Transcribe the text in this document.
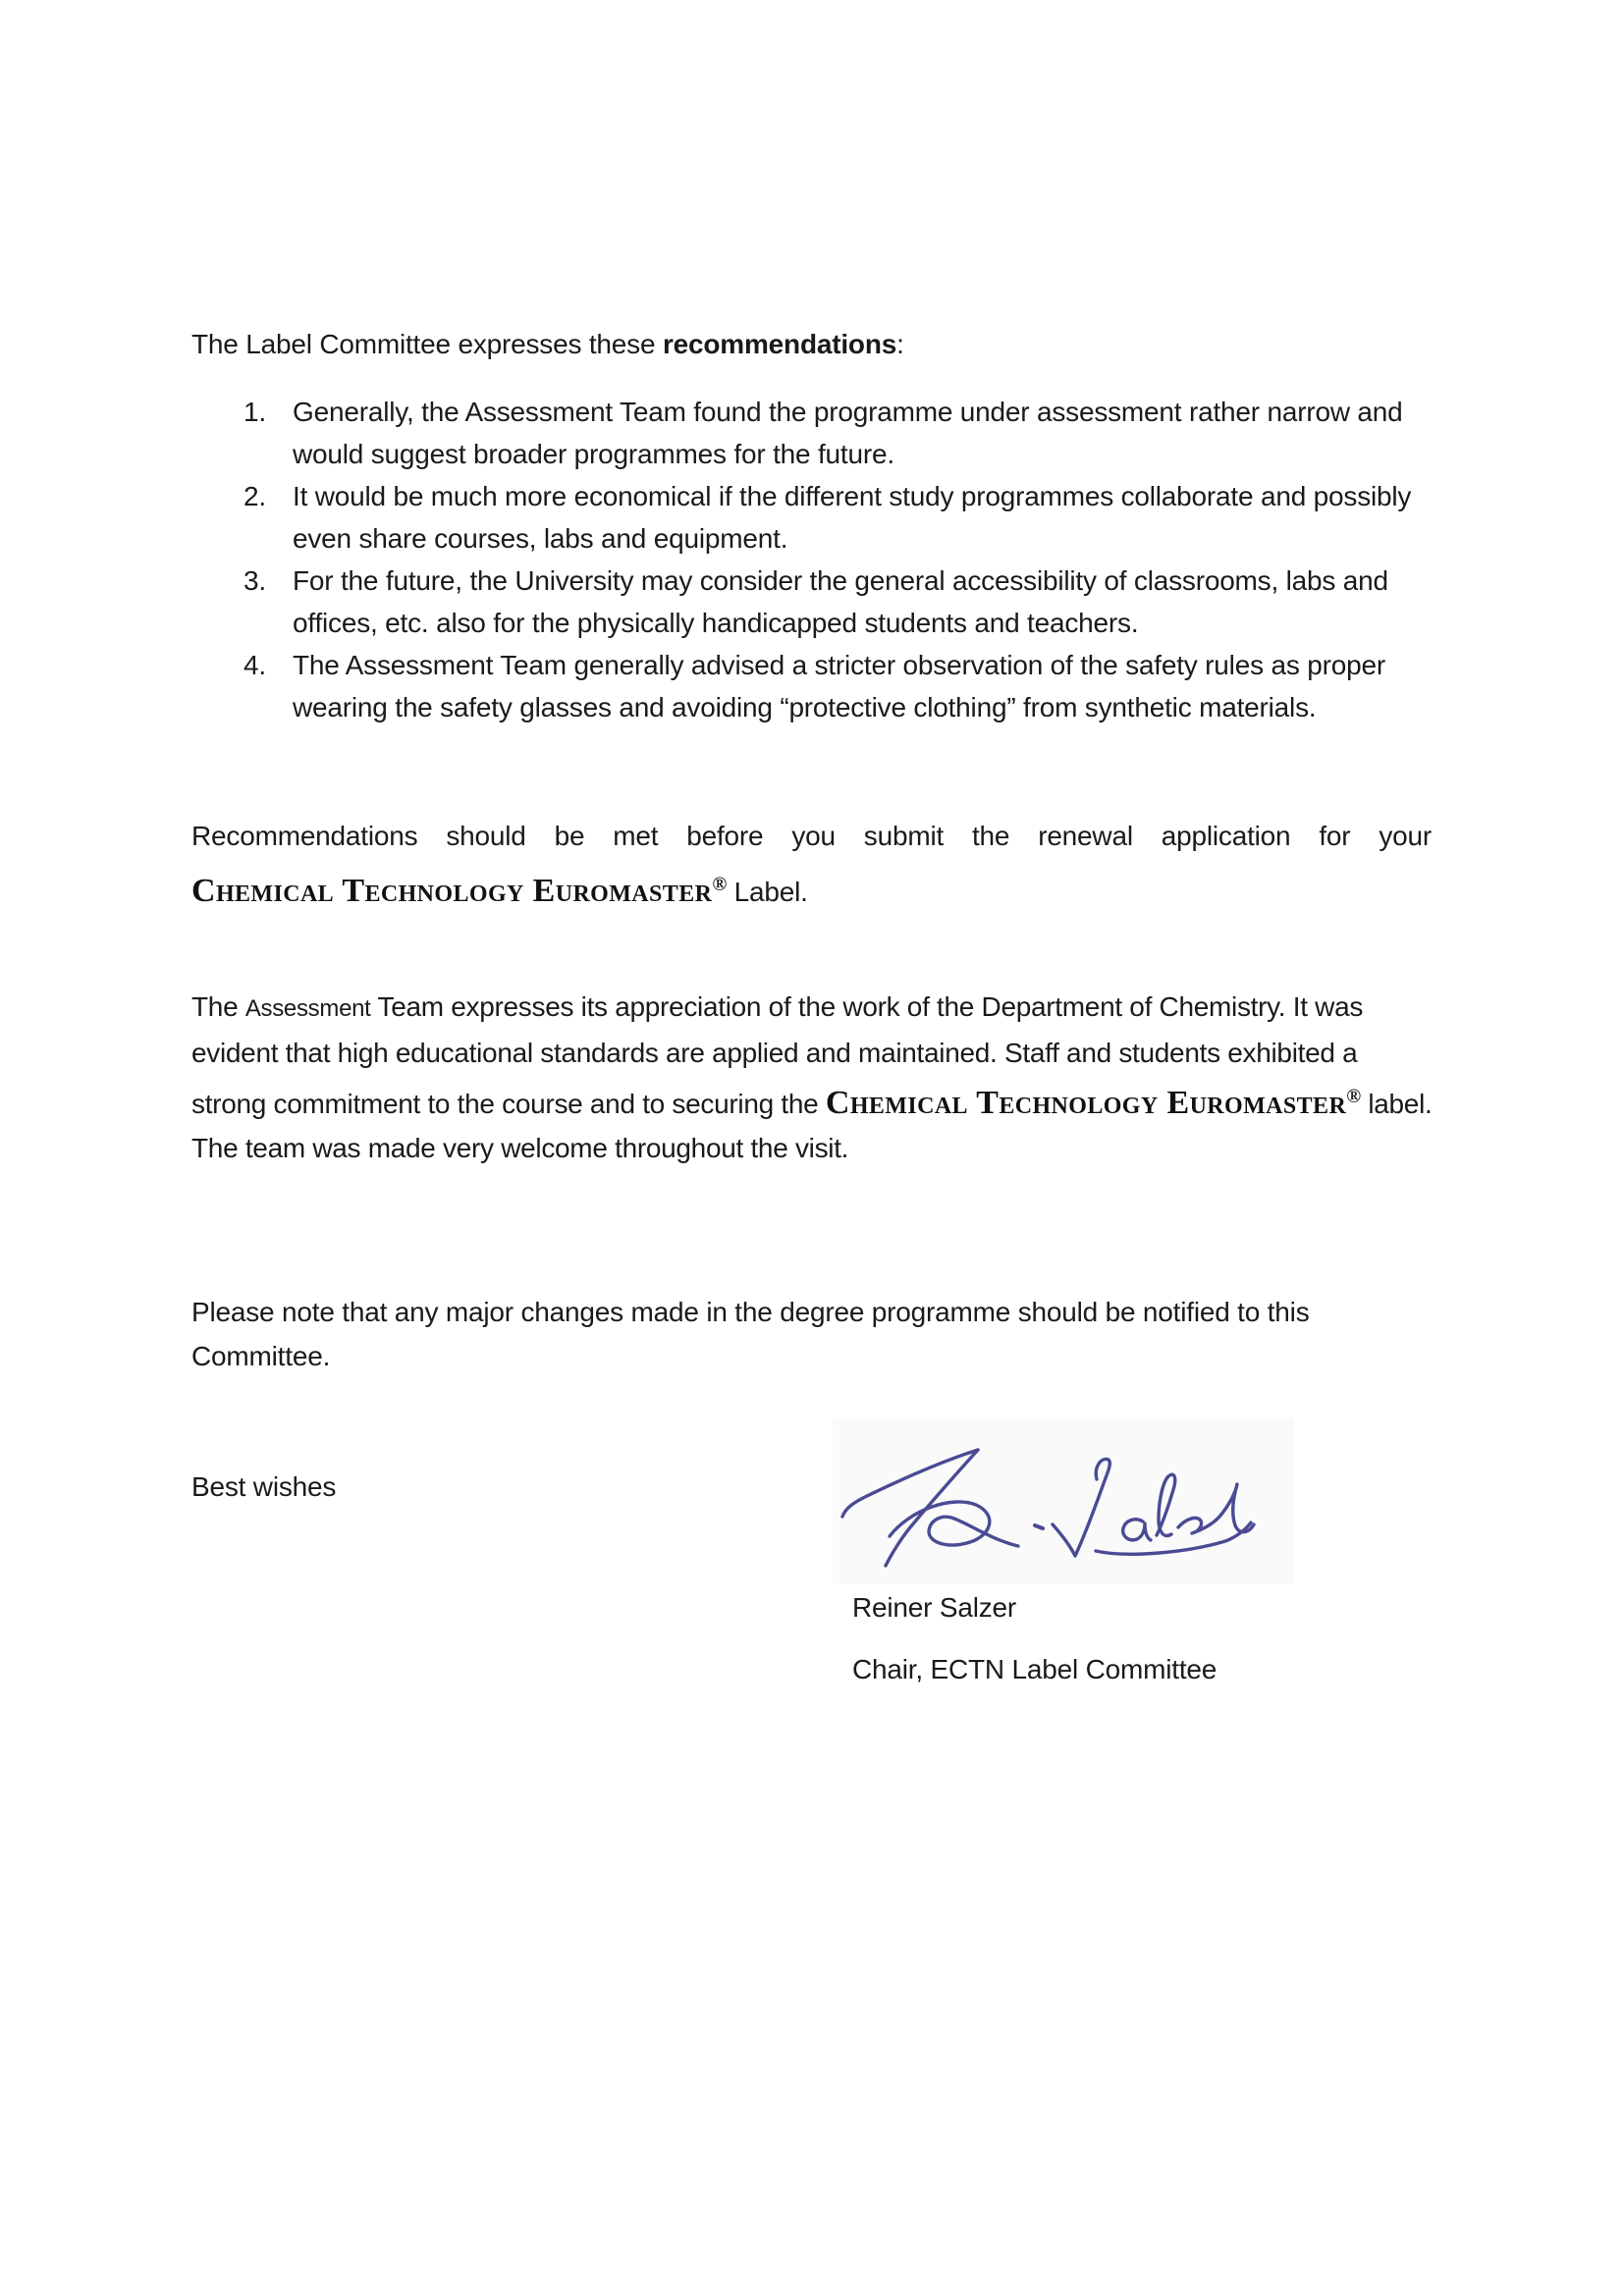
The Label Committee expresses these recommendations:

1. Generally, the Assessment Team found the programme under assessment rather narrow and would suggest broader programmes for the future.
2. It would be much more economical if the different study programmes collaborate and possibly even share courses, labs and equipment.
3. For the future, the University may consider the general accessibility of classrooms, labs and offices, etc. also for the physically handicapped students and teachers.
4. The Assessment Team generally advised a stricter observation of the safety rules as proper wearing the safety glasses and avoiding “protective clothing” from synthetic materials.
Recommendations should be met before you submit the renewal application for your
Chemical Technology Euromaster® Label.

The Assessment Team expresses its appreciation of the work of the Department of Chemistry. It was evident that high educational standards are applied and maintained. Staff and students exhibited a strong commitment to the course and to securing the Chemical Technology Euromaster® label. The team was made very welcome throughout the visit.

Please note that any major changes made in the degree programme should be notified to this Committee.

Best wishes

Reiner Salzer

Chair, ECTN Label Committee
